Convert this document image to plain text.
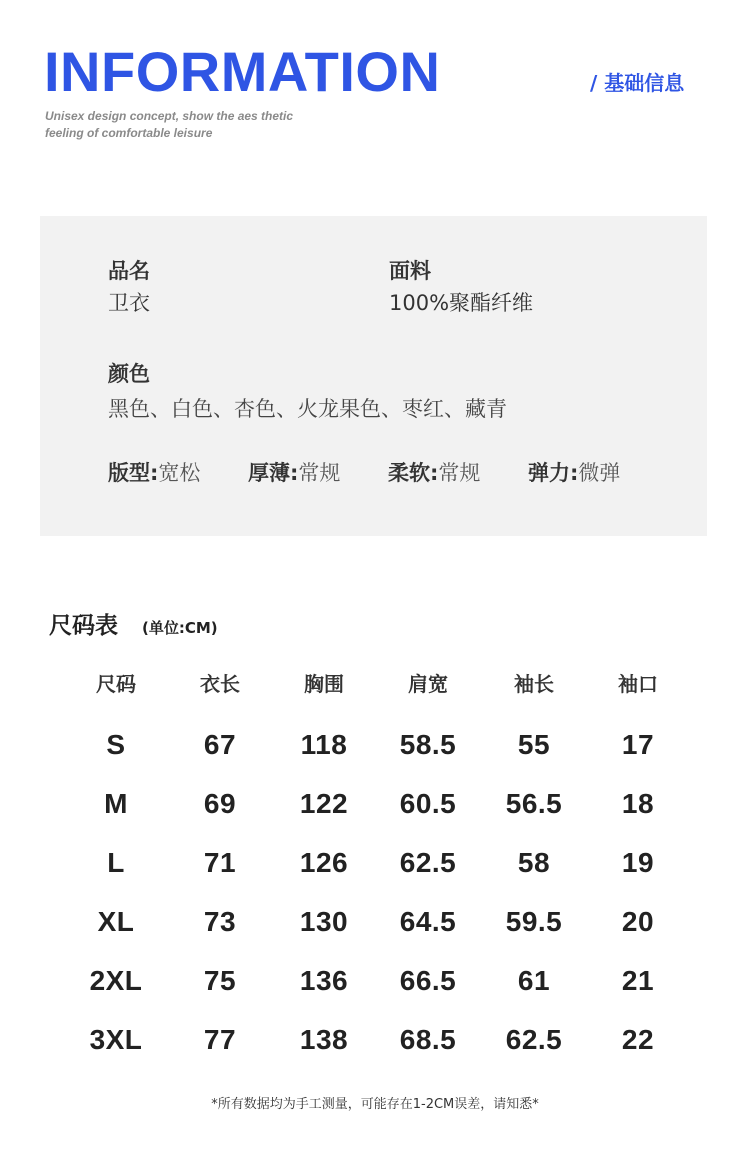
INFORMATION	/ 基础信息
Unisex design concept, show the aes thetic
feeling of comfortable leisure
品名
卫衣
面料
100%聚酯纤维
颜色
黑色、白色、杏色、火龙果色、枣红、藏青
版型:宽松 厚薄:常规 柔软:常规 弹力:微弹
尺码表 (单位:CM)
尺码	衣长	胸围	肩宽	袖长	袖口
S	67	118	58.5	55	17
M	69	122	60.5	56.5	18
L	71	126	62.5	58	19
XL	73	130	64.5	59.5	20
2XL	75	136	66.5	61	21
3XL	77	138	68.5	62.5	22
*所有数据均为手工测量，可能存在1-2CM误差，请知悉*
